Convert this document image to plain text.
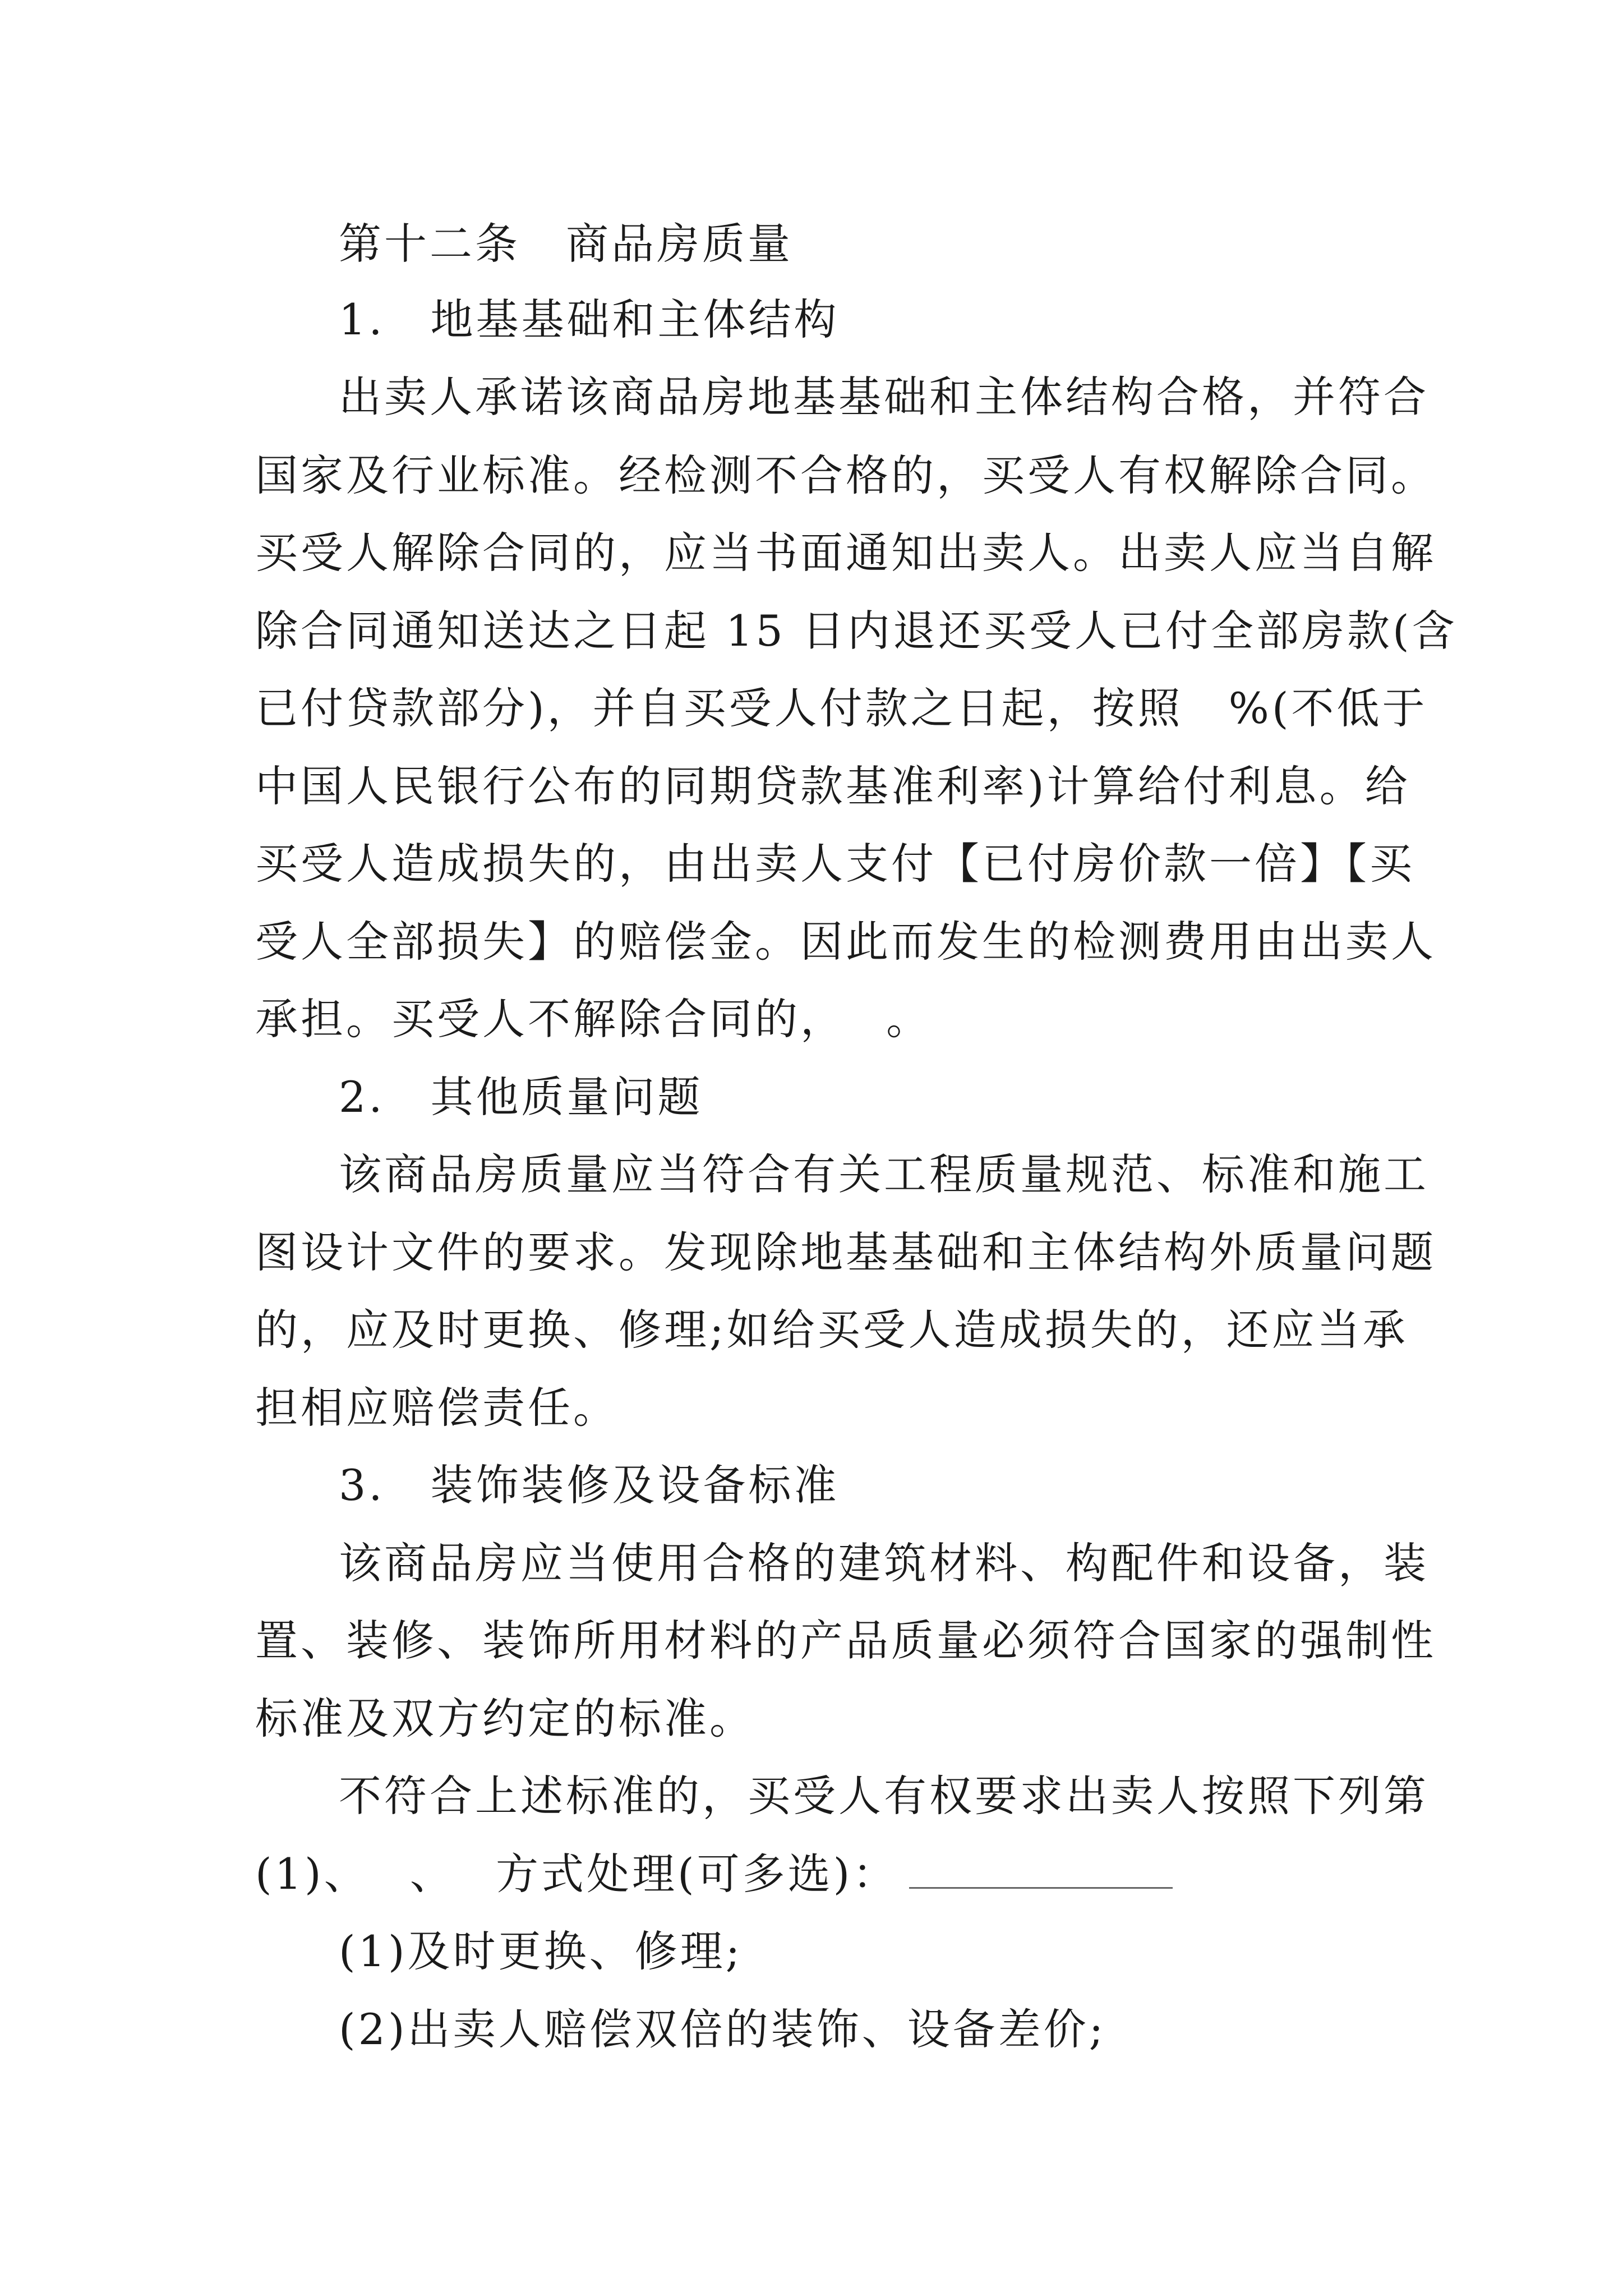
第十二条　商品房质量
1.　地基基础和主体结构
出卖人承诺该商品房地基基础和主体结构合格，并符合
国家及行业标准。经检测不合格的，买受人有权解除合同。
买受人解除合同的，应当书面通知出卖人。出卖人应当自解
除合同通知送达之日起 15 日内退还买受人已付全部房款(含
已付贷款部分)，并自买受人付款之日起，按照　%(不低于
中国人民银行公布的同期贷款基准利率)计算给付利息。给
买受人造成损失的，由出卖人支付【已付房价款一倍】【买
受人全部损失】的赔偿金。因此而发生的检测费用由出卖人
承担。买受人不解除合同的，　 。
2.　其他质量问题
该商品房质量应当符合有关工程质量规范、标准和施工
图设计文件的要求。发现除地基基础和主体结构外质量问题
的，应及时更换、修理;如给买受人造成损失的，还应当承
担相应赔偿责任。
3.　装饰装修及设备标准
该商品房应当使用合格的建筑材料、构配件和设备，装
置、装修、装饰所用材料的产品质量必须符合国家的强制性
标准及双方约定的标准。
不符合上述标准的，买受人有权要求出卖人按照下列第
(1)、　 、　 方式处理(可多选)：
(1)及时更换、修理;
(2)出卖人赔偿双倍的装饰、设备差价;
